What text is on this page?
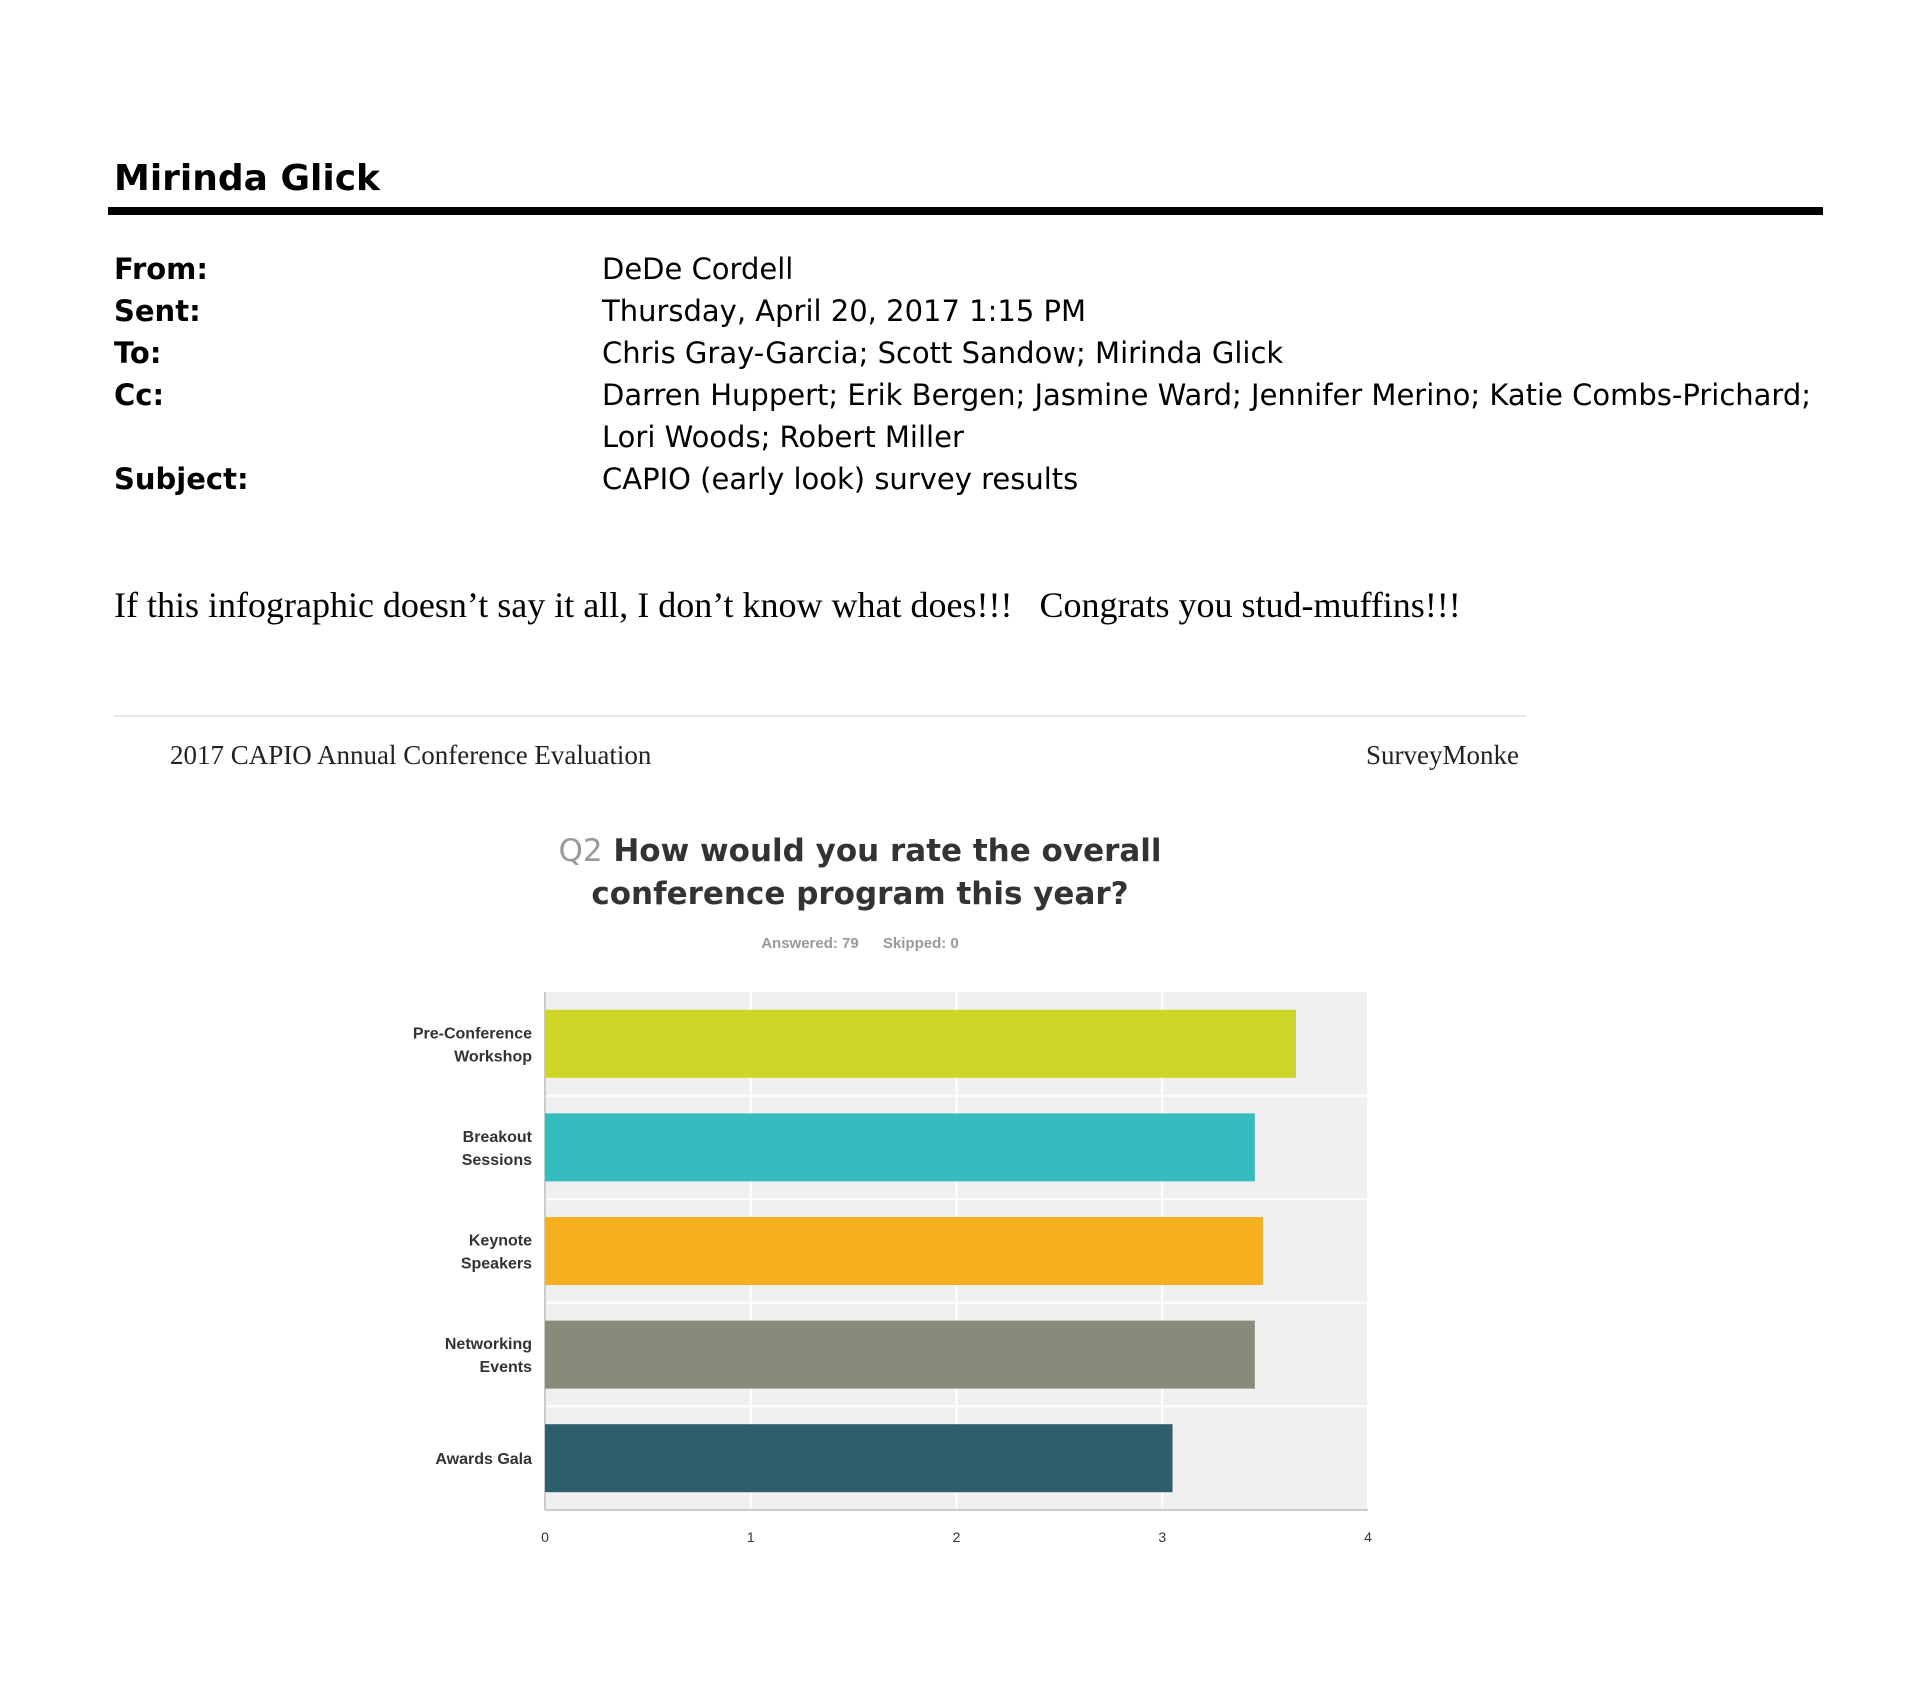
Mirinda Glick
From:	DeDe Cordell
Sent:	Thursday, April 20, 2017 1:15 PM
To:	Chris Gray-Garcia; Scott Sandow; Mirinda Glick
Cc:	Darren Huppert; Erik Bergen; Jasmine Ward; Jennifer Merino; Katie Combs-Prichard; Lori Woods; Robert Miller
Subject:	CAPIO (early look) survey results
If this infographic doesn’t say it all, I don’t know what does!!!   Congrats you stud-muffins!!!
2017 CAPIO Annual Conference Evaluation	SurveyMonke
Q2 How would you rate the overall conference program this year?
Answered: 79 Skipped: 0
Pre-Conference Workshop
Breakout Sessions
Keynote Speakers
Networking Events
Awards Gala
0	1	2	3	4
